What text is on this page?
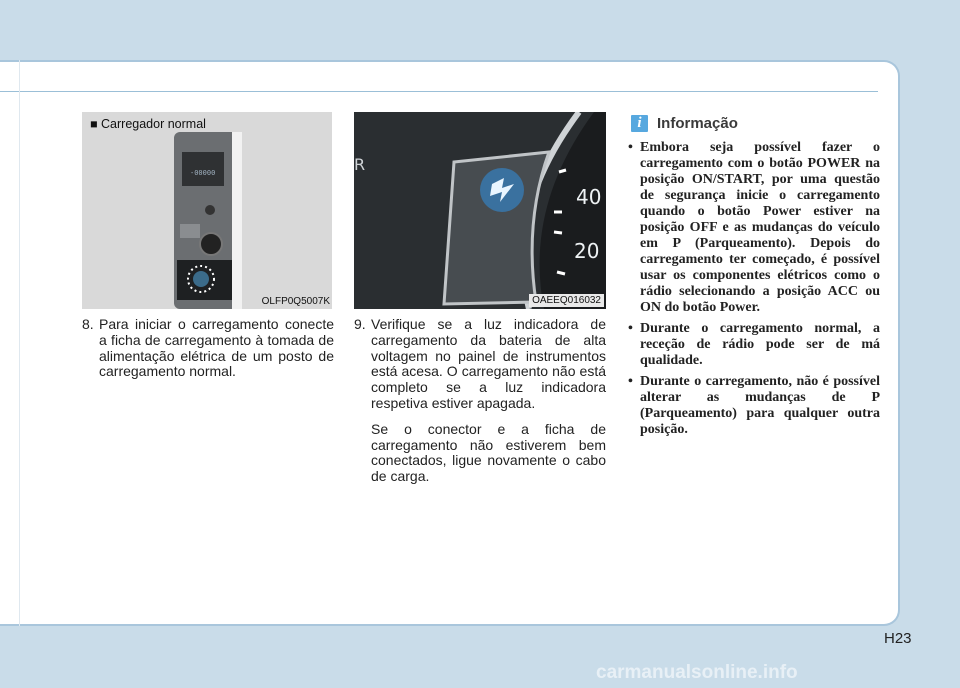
‑00000
■ Carregador normal
OLFP0Q5007K
40
20
R
OAEEQ016032

8. Para iniciar o carregamento conecte a ficha de carregamento à tomada de alimentação elétrica de um posto de carregamento normal.

9. Verifique se a luz indicadora de carregamento da bateria de alta voltagem no painel de instrumentos está acesa. O carregamento não está completo se a luz indicadora respetiva estiver apagada.

Se o conector e a ficha de carregamento não estiverem bem conectados, ligue novamente o cabo de carga.

i	Informação
• Embora seja possível fazer o carregamento com o botão POWER na posição ON/START, por uma questão de segurança inicie o carregamento quando o botão Power estiver na posição OFF e as mudanças do veículo em P (Parqueamento). Depois do carregamento ter começado, é possível usar os componentes elétricos como o rádio selecionando a posição ACC ou ON do botão Power.
• Durante o carregamento normal, a receção de rádio pode ser de má qualidade.
• Durante o carregamento, não é possível alterar as mudanças de P (Parqueamento) para qualquer outra posição.
H23
carmanualsonline.info
